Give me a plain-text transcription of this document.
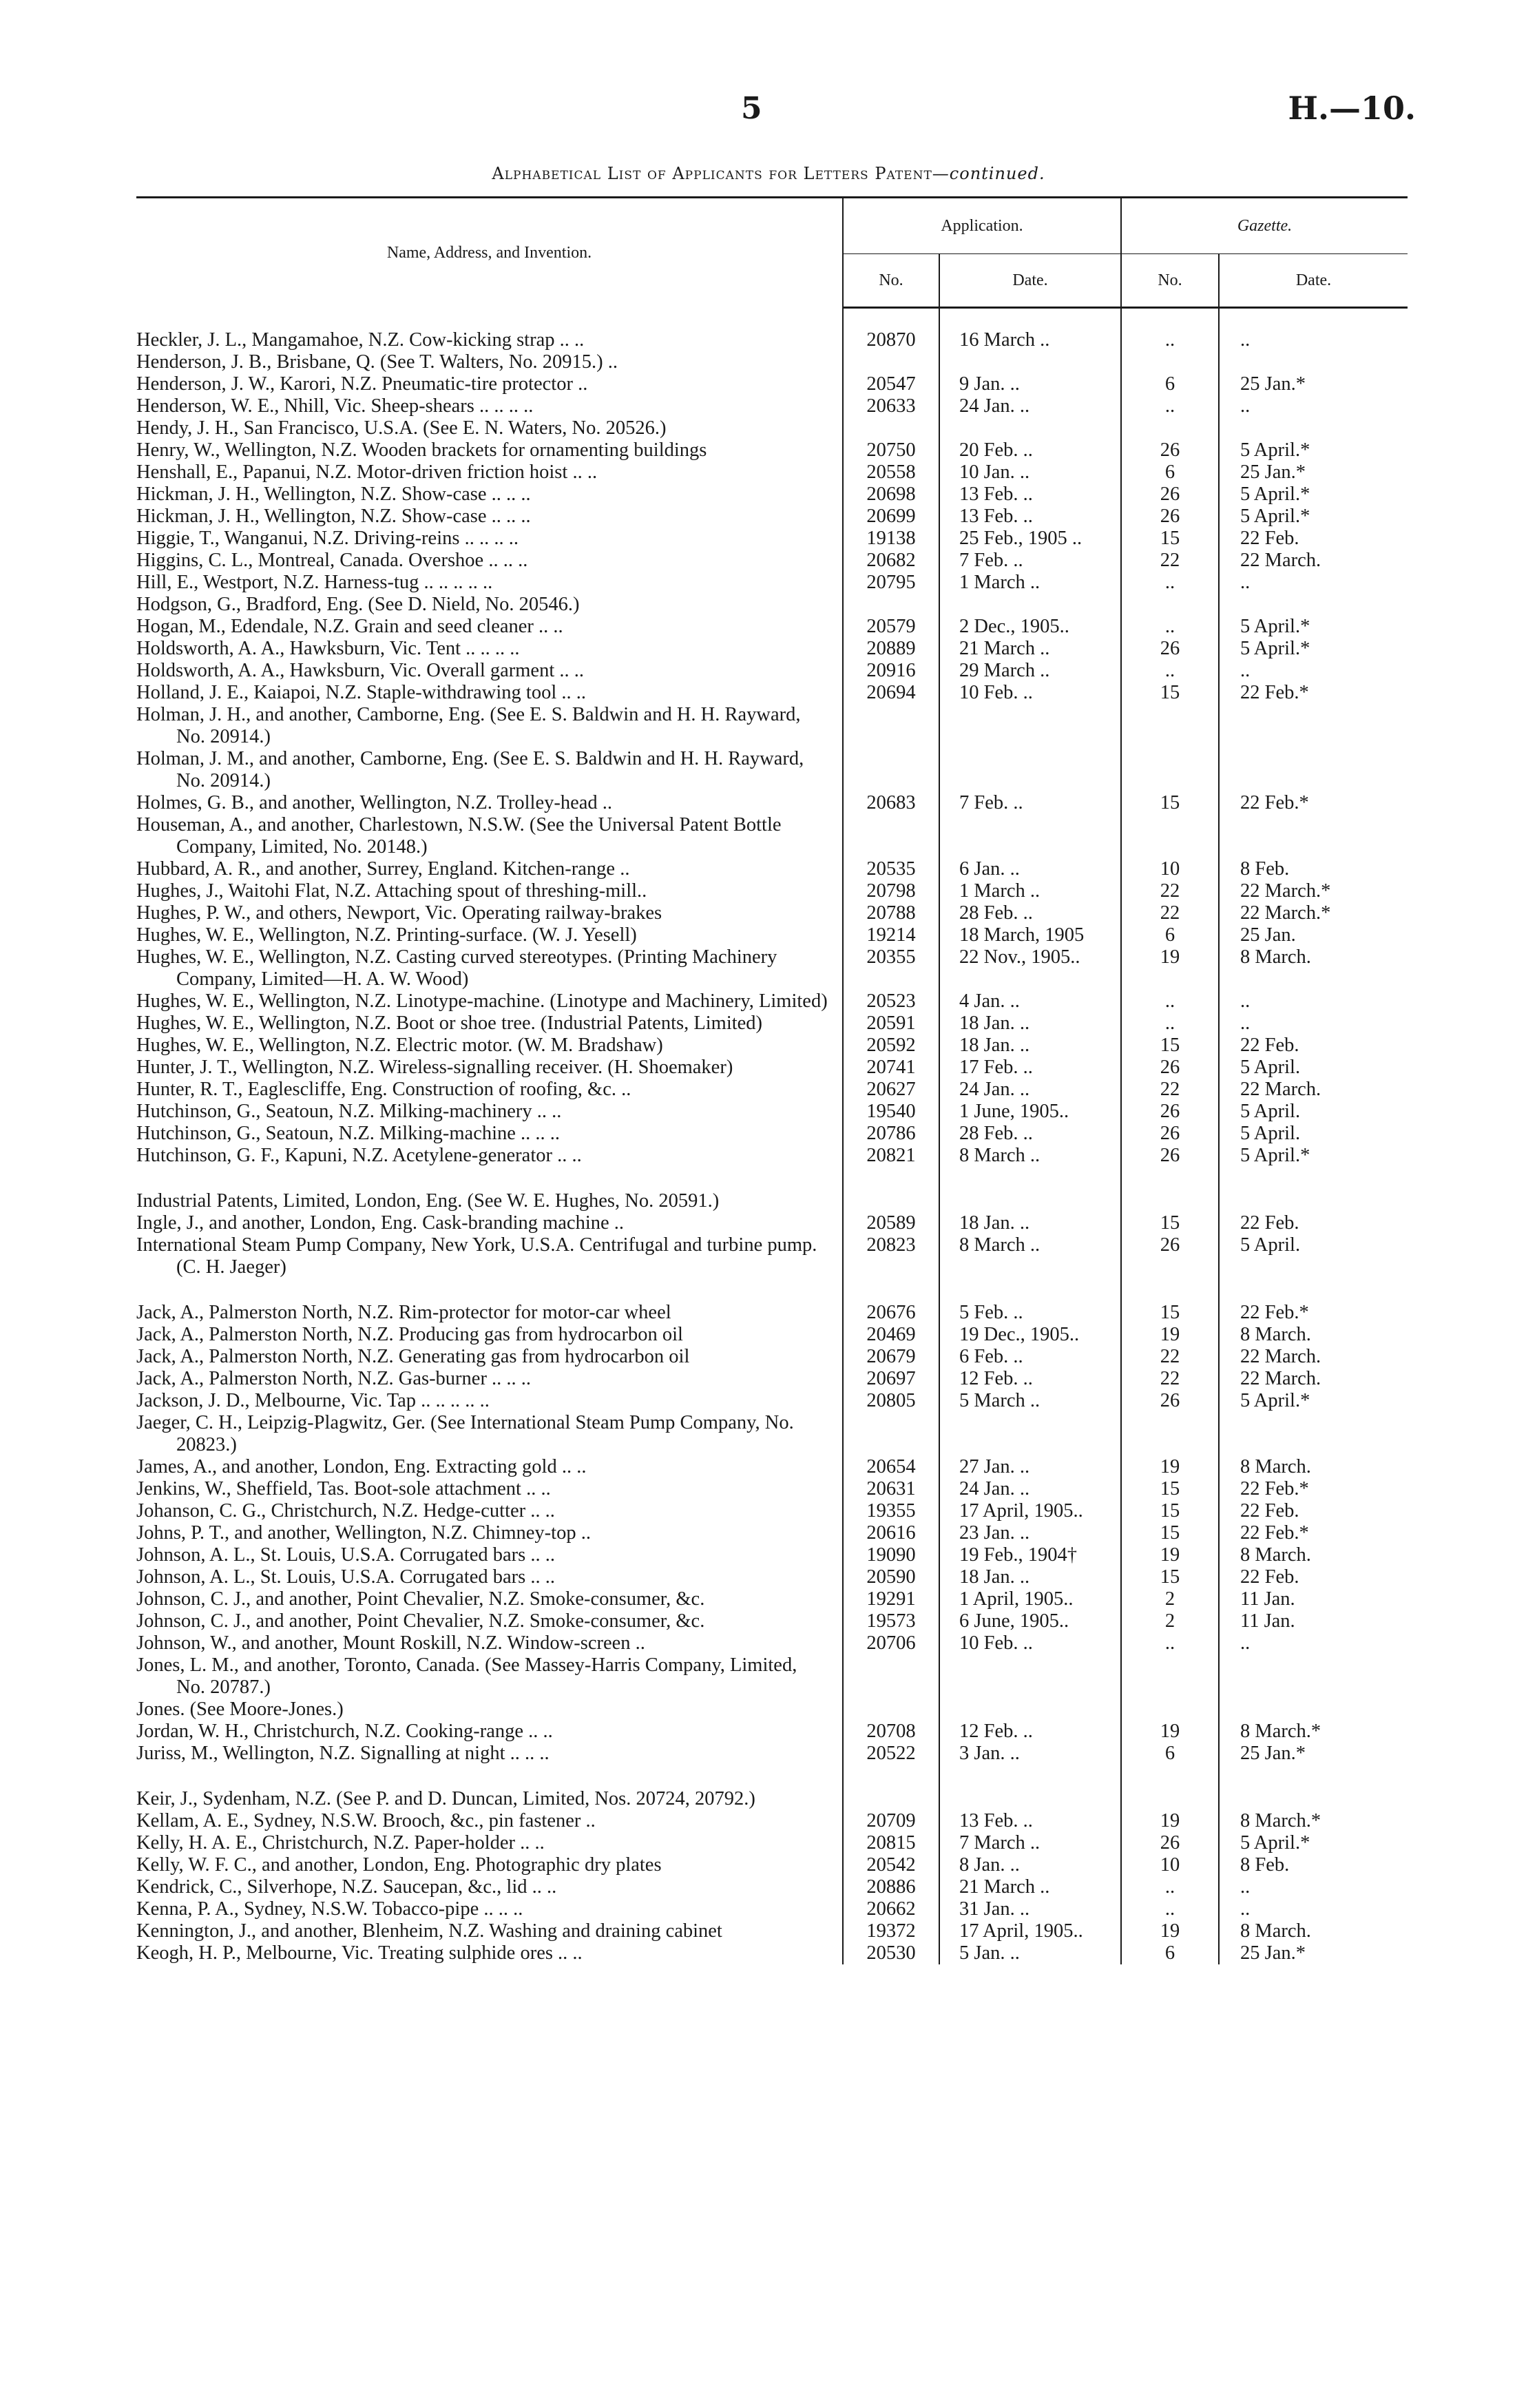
5	H.—10.
Alphabetical List of Applicants for Letters Patent—continued.
Name, Address, and Invention.	Application.		Gazette.	
	No.	Date.	No.	Date.

Heckler, J. L., Mangamahoe, N.Z. Cow-kicking strap .. ..	20870	16 March ..	..	..

Henderson, J. B., Brisbane, Q. (See T. Walters, No. 20915.) ..				

Henderson, J. W., Karori, N.Z. Pneumatic-tire protector ..	20547	9 Jan. ..	6	25 Jan.*

Henderson, W. E., Nhill, Vic. Sheep-shears .. .. .. ..	20633	24 Jan. ..	..	..

Hendy, J. H., San Francisco, U.S.A. (See E. N. Waters, No. 20526.)				

Henry, W., Wellington, N.Z. Wooden brackets for ornamenting buildings	20750	20 Feb. ..	26	5 April.*

Henshall, E., Papanui, N.Z. Motor-driven friction hoist .. ..	20558	10 Jan. ..	6	25 Jan.*

Hickman, J. H., Wellington, N.Z. Show-case .. .. ..	20698	13 Feb. ..	26	5 April.*

Hickman, J. H., Wellington, N.Z. Show-case .. .. ..	20699	13 Feb. ..	26	5 April.*

Higgie, T., Wanganui, N.Z. Driving-reins .. .. .. ..	19138	25 Feb., 1905 ..	15	22 Feb.

Higgins, C. L., Montreal, Canada. Overshoe .. .. ..	20682	7 Feb. ..	22	22 March.

Hill, E., Westport, N.Z. Harness-tug .. .. .. .. ..	20795	1 March ..	..	..

Hodgson, G., Bradford, Eng. (See D. Nield, No. 20546.)				

Hogan, M., Edendale, N.Z. Grain and seed cleaner .. ..	20579	2 Dec., 1905..	..	5 April.*

Holdsworth, A. A., Hawksburn, Vic. Tent .. .. .. ..	20889	21 March ..	26	5 April.*

Holdsworth, A. A., Hawksburn, Vic. Overall garment .. ..	20916	29 March ..	..	..

Holland, J. E., Kaiapoi, N.Z. Staple-withdrawing tool .. ..	20694	10 Feb. ..	15	22 Feb.*

Holman, J. H., and another, Camborne, Eng. (See E. S. Baldwin and H. H. Rayward, No. 20914.)				

Holman, J. M., and another, Camborne, Eng. (See E. S. Baldwin and H. H. Rayward, No. 20914.)				

Holmes, G. B., and another, Wellington, N.Z. Trolley-head ..	20683	7 Feb. ..	15	22 Feb.*

Houseman, A., and another, Charlestown, N.S.W. (See the Universal Patent Bottle Company, Limited, No. 20148.)				

Hubbard, A. R., and another, Surrey, England. Kitchen-range ..	20535	6 Jan. ..	10	8 Feb.

Hughes, J., Waitohi Flat, N.Z. Attaching spout of threshing-mill..	20798	1 March ..	22	22 March.*

Hughes, P. W., and others, Newport, Vic. Operating railway-brakes	20788	28 Feb. ..	22	22 March.*

Hughes, W. E., Wellington, N.Z. Printing-surface. (W. J. Yesell)	19214	18 March, 1905	6	25 Jan.

Hughes, W. E., Wellington, N.Z. Casting curved stereotypes. (Printing Machinery Company, Limited—H. A. W. Wood)	20355	22 Nov., 1905..	19	8 March.

Hughes, W. E., Wellington, N.Z. Linotype-machine. (Linotype and Machinery, Limited)	20523	4 Jan. ..	..	..

Hughes, W. E., Wellington, N.Z. Boot or shoe tree. (Industrial Patents, Limited)	20591	18 Jan. ..	..	..

Hughes, W. E., Wellington, N.Z. Electric motor. (W. M. Bradshaw)	20592	18 Jan. ..	15	22 Feb.

Hunter, J. T., Wellington, N.Z. Wireless-signalling receiver. (H. Shoemaker)	20741	17 Feb. ..	26	5 April.

Hunter, R. T., Eaglescliffe, Eng. Construction of roofing, &c. ..	20627	24 Jan. ..	22	22 March.

Hutchinson, G., Seatoun, N.Z. Milking-machinery .. ..	19540	1 June, 1905..	26	5 April.

Hutchinson, G., Seatoun, N.Z. Milking-machine .. .. ..	20786	28 Feb. ..	26	5 April.

Hutchinson, G. F., Kapuni, N.Z. Acetylene-generator .. ..	20821	8 March ..	26	5 April.*

Industrial Patents, Limited, London, Eng. (See W. E. Hughes, No. 20591.)				

Ingle, J., and another, London, Eng. Cask-branding machine ..	20589	18 Jan. ..	15	22 Feb.

International Steam Pump Company, New York, U.S.A. Centrifugal and turbine pump. (C. H. Jaeger)	20823	8 March ..	26	5 April.

Jack, A., Palmerston North, N.Z. Rim-protector for motor-car wheel	20676	5 Feb. ..	15	22 Feb.*

Jack, A., Palmerston North, N.Z. Producing gas from hydrocarbon oil	20469	19 Dec., 1905..	19	8 March.

Jack, A., Palmerston North, N.Z. Generating gas from hydrocarbon oil	20679	6 Feb. ..	22	22 March.

Jack, A., Palmerston North, N.Z. Gas-burner .. .. ..	20697	12 Feb. ..	22	22 March.

Jackson, J. D., Melbourne, Vic. Tap .. .. .. .. ..	20805	5 March ..	26	5 April.*

Jaeger, C. H., Leipzig-Plagwitz, Ger. (See International Steam Pump Company, No. 20823.)				

James, A., and another, London, Eng. Extracting gold .. ..	20654	27 Jan. ..	19	8 March.

Jenkins, W., Sheffield, Tas. Boot-sole attachment .. ..	20631	24 Jan. ..	15	22 Feb.*

Johanson, C. G., Christchurch, N.Z. Hedge-cutter .. ..	19355	17 April, 1905..	15	22 Feb.

Johns, P. T., and another, Wellington, N.Z. Chimney-top ..	20616	23 Jan. ..	15	22 Feb.*

Johnson, A. L., St. Louis, U.S.A. Corrugated bars .. ..	19090	19 Feb., 1904†	19	8 March.

Johnson, A. L., St. Louis, U.S.A. Corrugated bars .. ..	20590	18 Jan. ..	15	22 Feb.

Johnson, C. J., and another, Point Chevalier, N.Z. Smoke-consumer, &c.	19291	1 April, 1905..	2	11 Jan.

Johnson, C. J., and another, Point Chevalier, N.Z. Smoke-consumer, &c.	19573	6 June, 1905..	2	11 Jan.

Johnson, W., and another, Mount Roskill, N.Z. Window-screen ..	20706	10 Feb. ..	..	..

Jones, L. M., and another, Toronto, Canada. (See Massey-Harris Company, Limited, No. 20787.)				

Jones. (See Moore-Jones.)				

Jordan, W. H., Christchurch, N.Z. Cooking-range .. ..	20708	12 Feb. ..	19	8 March.*

Juriss, M., Wellington, N.Z. Signalling at night .. .. ..	20522	3 Jan. ..	6	25 Jan.*

Keir, J., Sydenham, N.Z. (See P. and D. Duncan, Limited, Nos. 20724, 20792.)				

Kellam, A. E., Sydney, N.S.W. Brooch, &c., pin fastener ..	20709	13 Feb. ..	19	8 March.*

Kelly, H. A. E., Christchurch, N.Z. Paper-holder .. ..	20815	7 March ..	26	5 April.*

Kelly, W. F. C., and another, London, Eng. Photographic dry plates	20542	8 Jan. ..	10	8 Feb.

Kendrick, C., Silverhope, N.Z. Saucepan, &c., lid .. ..	20886	21 March ..	..	..

Kenna, P. A., Sydney, N.S.W. Tobacco-pipe .. .. ..	20662	31 Jan. ..	..	..

Kennington, J., and another, Blenheim, N.Z. Washing and draining cabinet	19372	17 April, 1905..	19	8 March.

Keogh, H. P., Melbourne, Vic. Treating sulphide ores .. ..	20530	5 Jan. ..	6	25 Jan.*
